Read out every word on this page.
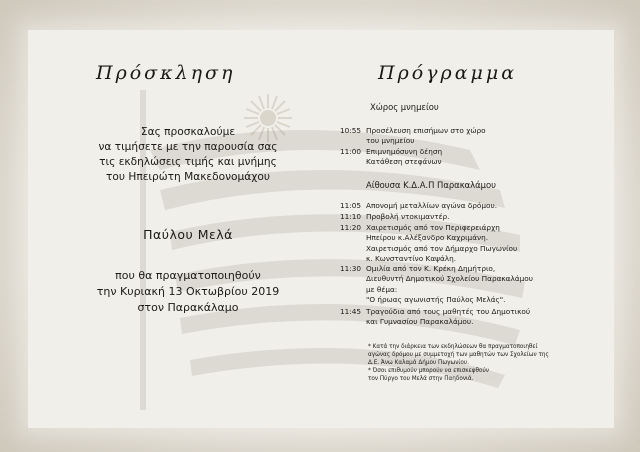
Πρόσκληση
Σας προσκαλούμε
να τιμήσετε με την παρουσία σας
τις εκδηλώσεις τιμής και μνήμης
του Ηπειρώτη Μακεδονομάχου
Παύλου Μελά
που θα πραγματοποιηθούν
την Κυριακή 13 Οκτωβρίου 2019
στον Παρακάλαμο
Πρόγραμμα
Χώρος μνημείου
10:55 Προσέλευση επισήμων στο χώρο
του μνημείου
11:00 Επιμνημόσυνη δέηση
Κατάθεση στεφάνων
Αίθουσα Κ.Δ.Α.Π Παρακαλάμου
11:05 Απονομή μεταλλίων αγώνα δρόμου.
11:10 Προβολή ντοκιμαντέρ.
11:20 Χαιρετισμός από τον Περιφερειάρχη
Ηπείρου κ.Αλέξανδρο Καχριμάνη.
Χαιρετισμός από τον Δήμαρχο Πωγωνίου
κ. Κωνσταντίνο Καψάλη.
11:30 Ομιλία από τον Κ. Κρέκη Δημήτριο,
Διευθυντή Δημοτικού Σχολείου Παρακαλάμου
με θέμα:
"Ο ήρωας αγωνιστής Παύλος Μελάς".
11:45 Τραγούδια από τους μαθητές του Δημοτικού
και Γυμνασίου Παρακαλάμου.
* Κατά την διάρκεια των εκδηλώσεων θα πραγματοποιηθεί
αγώνας δρόμου με συμμετοχή των μαθητών των Σχολείων της
Δ.Ε. Άνω Καλαμά Δήμου Πωγωνίου.
* Όσοι επιθυμούν μπορούν να επισκεφθούν
τον Πύργο του Μελά στην Παηδονιά.
